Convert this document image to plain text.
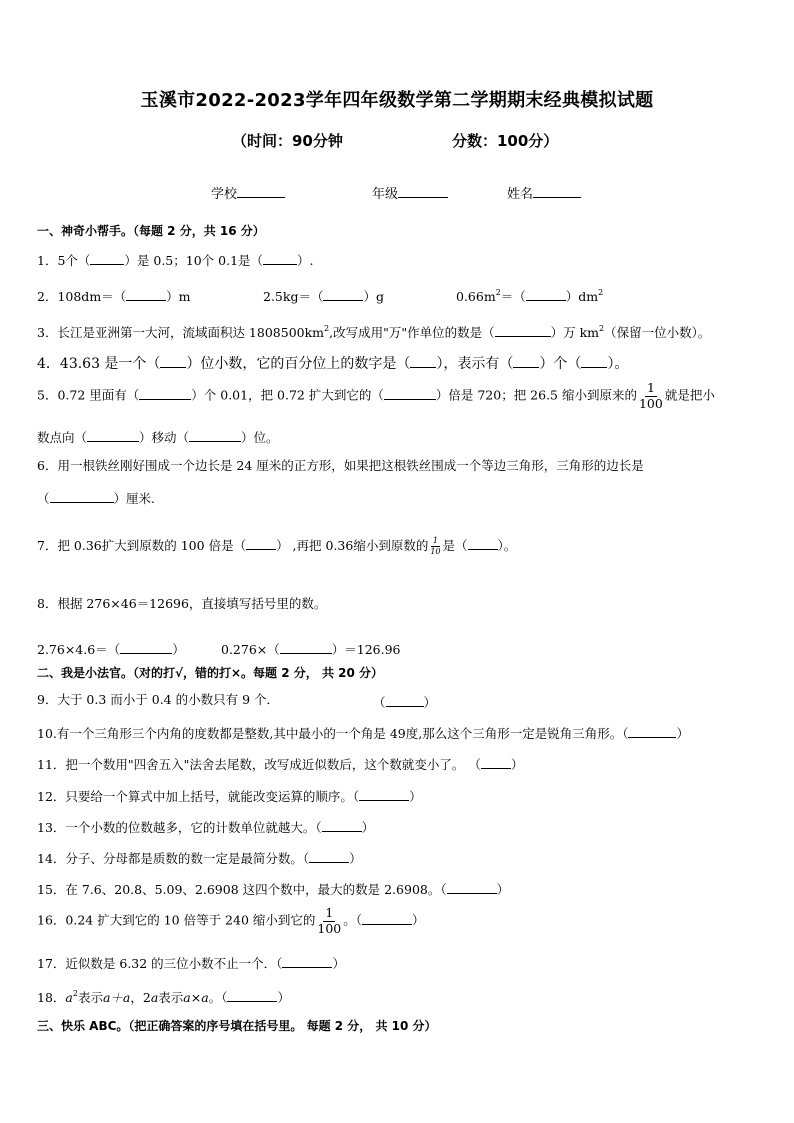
玉溪市2022-2023学年四年级数学第二学期期末经典模拟试题
（时间：90分钟	分数：100分）
学校	年级	姓名
一、神奇小帮手。（每题 2 分，共 16 分）
1．5个（	）是 0.5；10个 0.1是（	）.
2．108dm＝（	）m	2.5kg＝（	）g	$0.66m^2=$（	）$dm^2$
3．长江是亚洲第一大河，流域面积达 $1808500km^2$,改写成用"万"作单位的数是（	）万 $km^2$（保留一位小数）。
4．43.63 是一个（ ）位小数，它的百分位上的数字是（ ），表示有（ ）个（ ）。
5．0.72 里面有（	）个 0.01，把 0.72 扩大到它的（	）倍是 720；把 26.5 缩小到原来的 $\frac{1}{100}$ 就是把小
数点向（	）移动（	）位。
6．用一根铁丝刚好围成一个边长是 24 厘米的正方形，如果把这根铁丝围成一个等边三角形，三角形的边长是
（	）厘米.
7．把 0.36扩大到原数的 100 倍是（ ） ,再把 0.36缩小到原数的 $\frac{1}{10}$ 是（ ）。
8．根据 276×46＝12696，直接填写括号里的数。
2.76×4.6＝（	）	0.276×（	）＝126.96
二、我是小法官。（对的打√，错的打×。每题 2 分， 共 20 分）
9．大于 0.3 而小于 0.4 的小数只有 9 个．	（	）
10.有一个三角形三个内角的度数都是整数,其中最小的一个角是 49度,那么这个三角形一定是锐角三角形。（	）
11．把一个数用"四舍五入"法舍去尾数，改写成近似数后，这个数就变小了。 （ ）
12．只要给一个算式中加上括号，就能改变运算的顺序。（	）
13．一个小数的位数越多，它的计数单位就越大。（	）
14．分子、分母都是质数的数一定是最简分数。（	）
15．在 7.6、20.8、5.09、2.6908 这四个数中，最大的数是 2.6908。（	）
16．0.24 扩大到它的 10 倍等于 240 缩小到它的 $\frac{1}{100}$ 。（	）
17．近似数是 6.32 的三位小数不止一个．（	）
18．$a^2$表示a＋a，2a表示a×a。（	）
三、快乐 ABC。（把正确答案的序号填在括号里。 每题 2 分， 共 10 分）
